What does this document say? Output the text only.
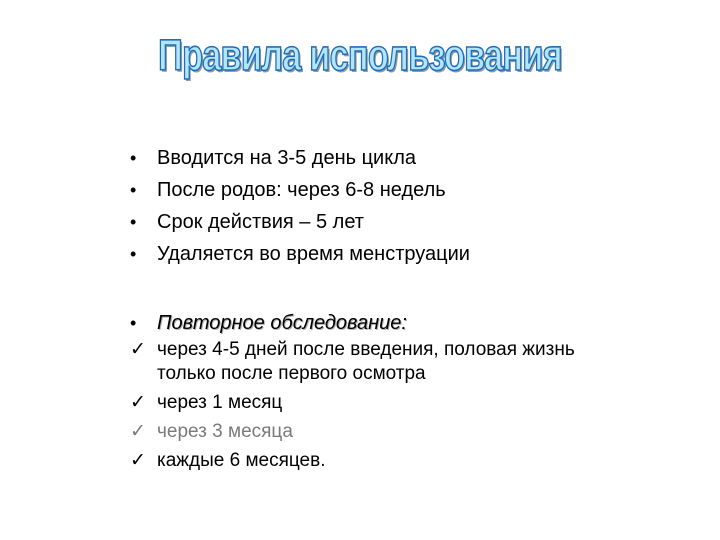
Правила использования
•	Вводится на 3-5 день цикла
•	После родов: через 6-8 недель
•	Срок действия – 5 лет
•	Удаляется во время менструации
•	Повторное обследование:
✓ через 4-5 дней после введения, половая жизнь только после первого осмотра
✓ через 1 месяц
✓ через 3 месяца
✓ каждые 6 месяцев.
